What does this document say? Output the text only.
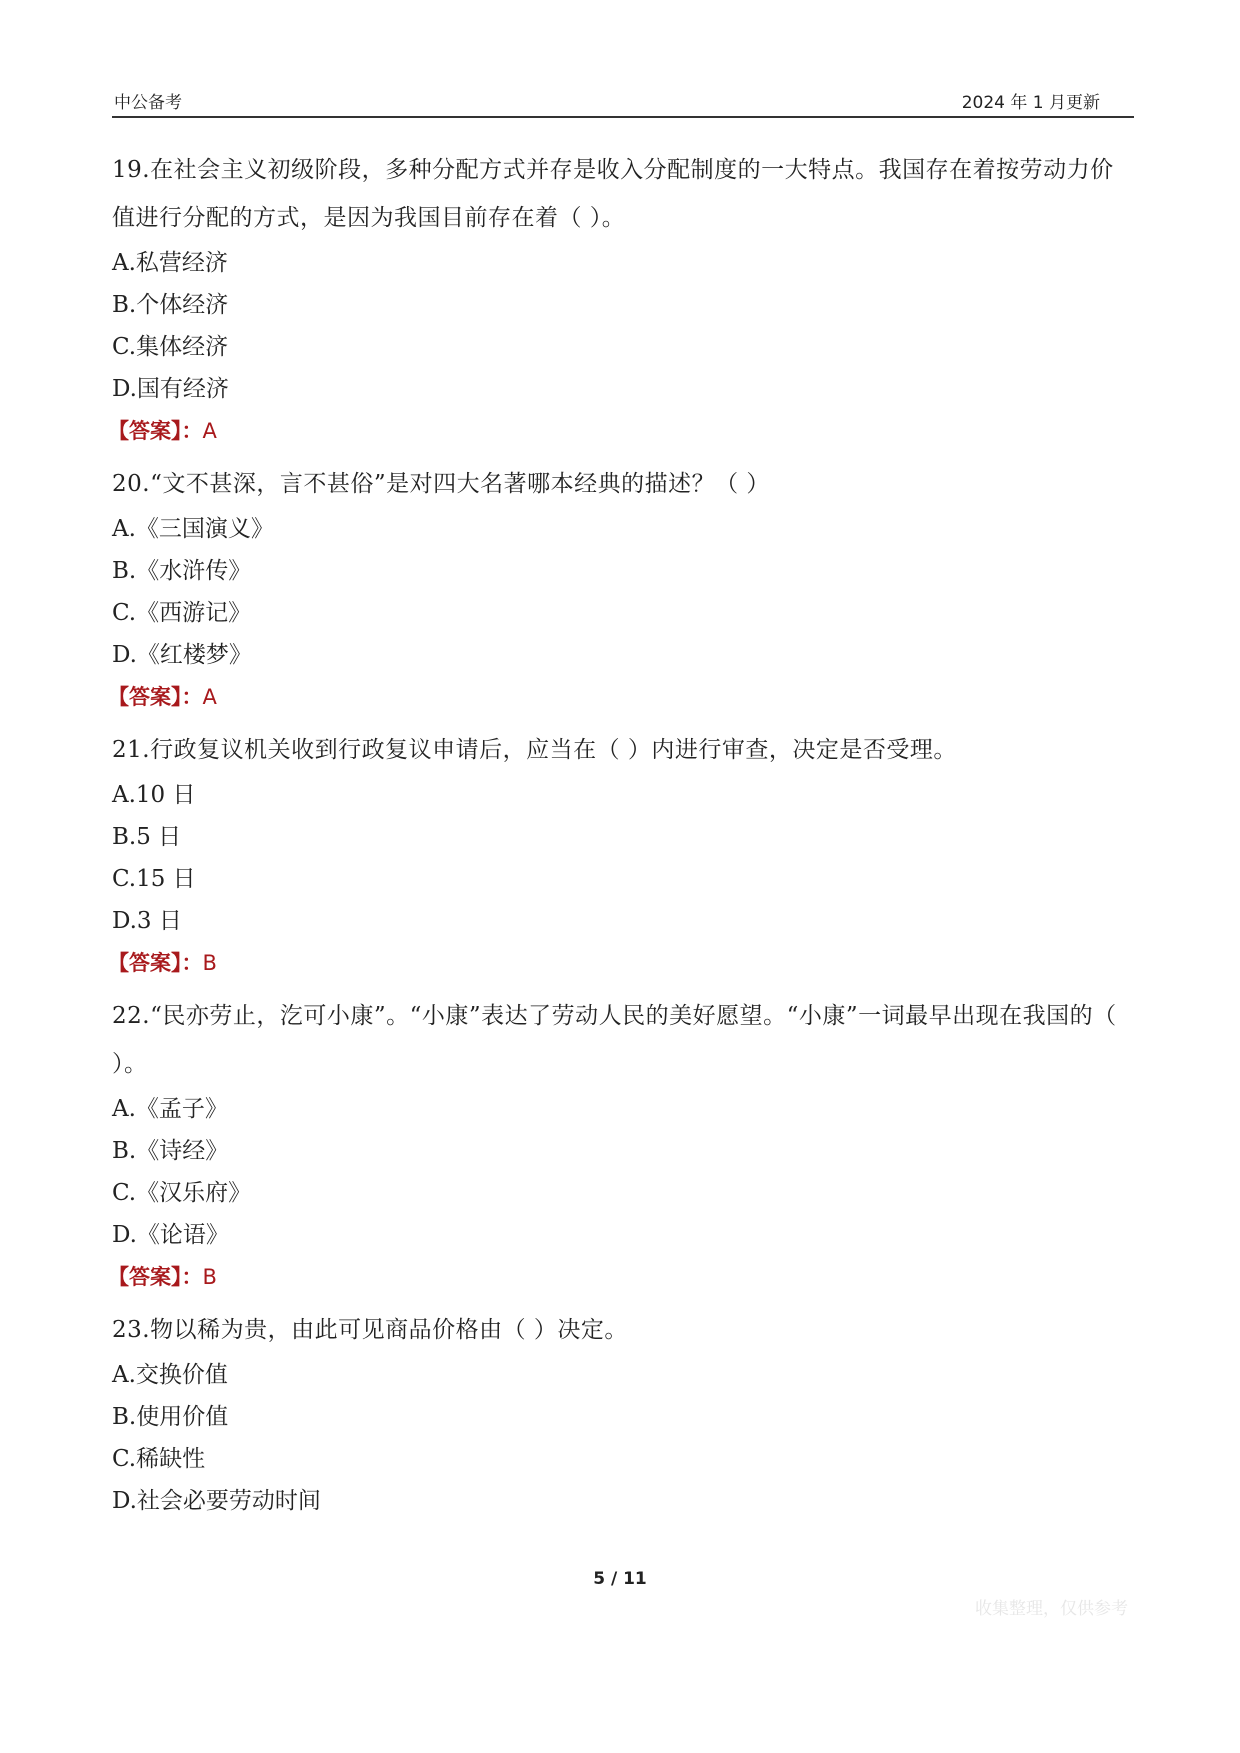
中公备考	2024 年 1 月更新

19.在社会主义初级阶段，多种分配方式并存是收入分配制度的一大特点。我国存在着按劳动力价值进行分配的方式，是因为我国目前存在着（ ）。

A.私营经济

B.个体经济

C.集体经济

D.国有经济

【答案】：A

20.“文不甚深，言不甚俗”是对四大名著哪本经典的描述？（ ）

A.《三国演义》

B.《水浒传》

C.《西游记》

D.《红楼梦》

【答案】：A

21.行政复议机关收到行政复议申请后，应当在（ ）内进行审查，决定是否受理。

A.10 日

B.5 日

C.15 日

D.3 日

【答案】：B

22.“民亦劳止，汔可小康”。“小康”表达了劳动人民的美好愿望。“小康”一词最早出现在我国的（ ）。

A.《孟子》

B.《诗经》

C.《汉乐府》

D.《论语》

【答案】：B

23.物以稀为贵，由此可见商品价格由（ ）决定。

A.交换价值

B.使用价值

C.稀缺性

D.社会必要劳动时间

5 / 11
收集整理，仅供参考
